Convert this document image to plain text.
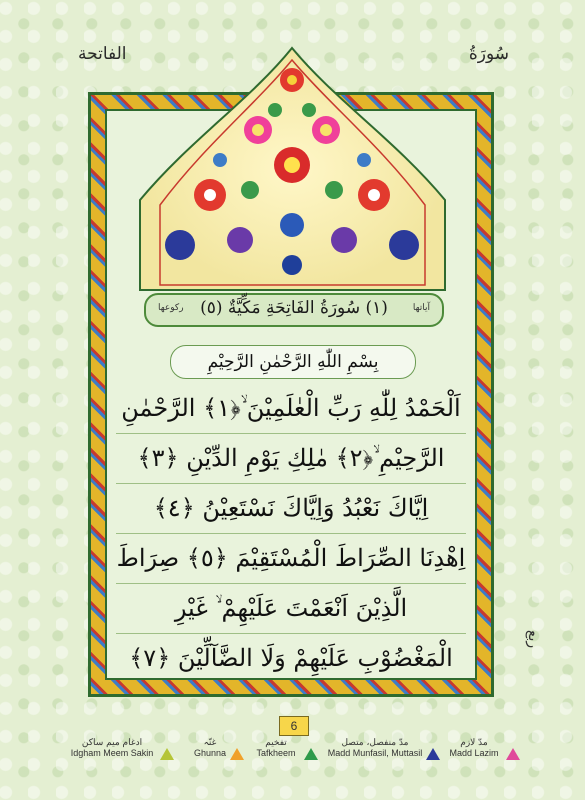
الفاتحة	سُورَةُ
ربع
ركوعها (١) سُورَةُ الفَاتِحَةِ مَكِّيَّةٌ (٥)	آياتها
بِسْمِ اللّٰهِ الرَّحْمٰنِ الرَّحِيْمِ
اَلْحَمْدُ لِلّٰهِ رَبِّ الْعٰلَمِيْنَ ۙ﴿١﴾ الرَّحْمٰنِ
الرَّحِيْمِ ۙ﴿٢﴾ مٰلِكِ يَوْمِ الدِّيْنِ ﴿٣﴾
اِيَّاكَ نَعْبُدُ وَاِيَّاكَ نَسْتَعِيْنُ ﴿٤﴾
اِهْدِنَا الصِّرَاطَ الْمُسْتَقِيْمَ ﴿٥﴾ صِرَاطَ
الَّذِيْنَ اَنْعَمْتَ عَلَيْهِمْ ۙ غَيْرِ
الْمَغْضُوْبِ عَلَيْهِمْ وَلَا الضَّآلِّيْنَ ﴿٧﴾
6
ادغام ميم ساكن
Idgham Meem Sakin
غنّہ
Ghunna
تفخيم
Tafkheem
مدّ منفصل، متصل
Madd Munfasil, Muttasil
مدّ لازم
Madd Lazim
